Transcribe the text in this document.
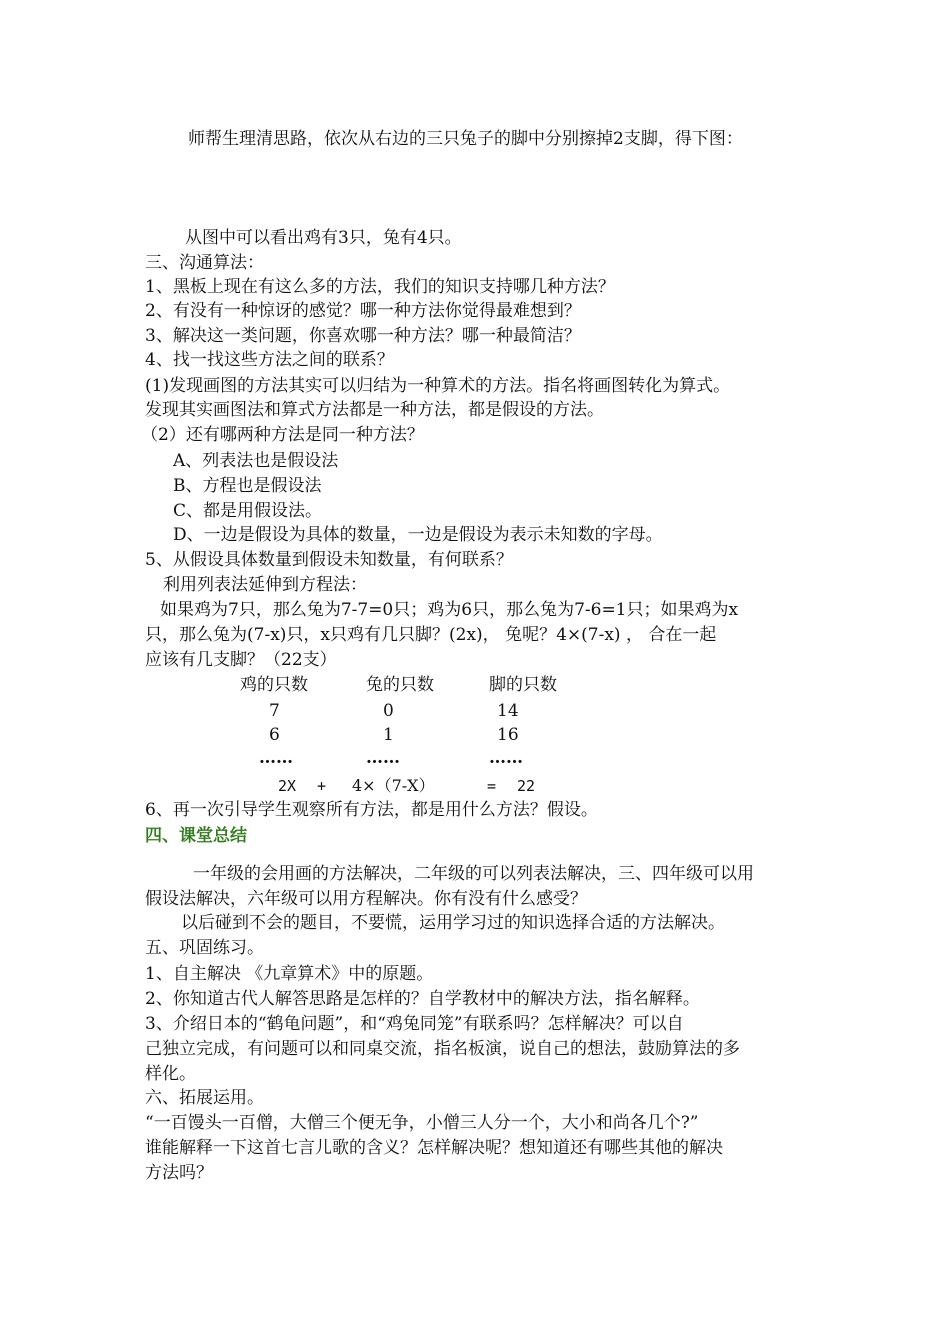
师帮生理清思路，依次从右边的三只兔子的脚中分别擦掉2支脚，得下图：
从图中可以看出鸡有3只，兔有4只。
三、沟通算法：
1、黑板上现在有这么多的方法，我们的知识支持哪几种方法？
2、有没有一种惊讶的感觉？哪一种方法你觉得最难想到？
3、解决这一类问题，你喜欢哪一种方法？哪一种最简洁？
4、找一找这些方法之间的联系？
(1)发现画图的方法其实可以归结为一种算术的方法。指名将画图转化为算式。
发现其实画图法和算式方法都是一种方法，都是假设的方法。
（2）还有哪两种方法是同一种方法？
A、列表法也是假设法
B、方程也是假设法
C、都是用假设法。
D、一边是假设为具体的数量，一边是假设为表示未知数的字母。
5、从假设具体数量到假设未知数量，有何联系？
利用列表法延伸到方程法：
如果鸡为7只，那么兔为7-7=0只；鸡为6只，那么兔为7-6=1只；如果鸡为x
只，那么兔为(7-x)只，x只鸡有几只脚？(2x)， 兔呢？4×(7-x) ， 合在一起
应该有几支脚？（22支）
鸡的只数	兔的只数	脚的只数
7	0	14
6	1	16
……	……	……
2X + 4×（7-X）	= 22
6、再一次引导学生观察所有方法，都是用什么方法？假设。
四、课堂总结
一年级的会用画的方法解决，二年级的可以列表法解决，三、四年级可以用
假设法解决，六年级可以用方程解决。你有没有什么感受？
以后碰到不会的题目，不要慌，运用学习过的知识选择合适的方法解决。
五、巩固练习。
1、自主解决 《九章算术》中的原题。
2、你知道古代人解答思路是怎样的？自学教材中的解决方法，指名解释。
3、介绍日本的“鹤龟问题”，和“鸡兔同笼”有联系吗？怎样解决？可以自
己独立完成，有问题可以和同桌交流，指名板演，说自己的想法，鼓励算法的多
样化。
六、拓展运用。
“一百馒头一百僧，大僧三个便无争，小僧三人分一个，大小和尚各几个?”
谁能解释一下这首七言儿歌的含义？怎样解决呢？想知道还有哪些其他的解决
方法吗？
